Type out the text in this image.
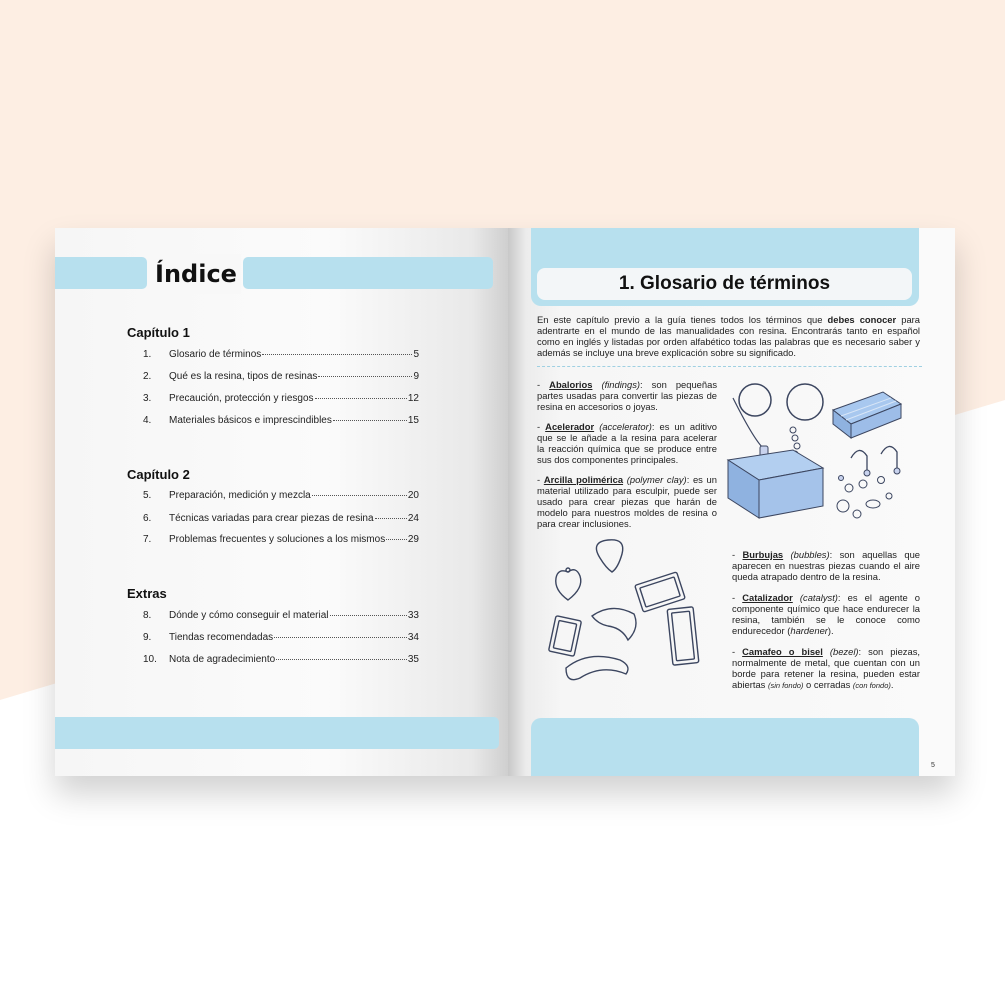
Índice
Capítulo 1
1.	Glosario de términos	5
2.	Qué es la resina, tipos de resinas	9
3.	Precaución, protección y riesgos	12
4.	Materiales básicos e imprescindibles	15
Capítulo 2
5.	Preparación, medición y mezcla	20
6.	Técnicas variadas para crear piezas de resina	24
7.	Problemas frecuentes y soluciones a los mismos 29
Extras
8.	Dónde y cómo conseguir el material	33
9.	Tiendas recomendadas	34
10.	Nota de agradecimiento	35
1. Glosario de términos
En este capítulo previo a la guía tienes todos los términos que debes conocer para adentrarte en el mundo de las manualidades con resina. Encontrarás tanto en español como en inglés y listadas por orden alfabético todas las palabras que es necesario saber y además se incluye una breve explicación sobre su significado.
- Abalorios (findings): son pequeñas partes usadas para convertir las piezas de resina en accesorios o joyas.
- Acelerador (accelerator): es un aditivo que se le añade a la resina para acelerar la reacción química que se produce entre sus dos componentes principales.
- Arcilla polimérica (polymer clay): es un material utilizado para esculpir, puede ser usado para crear piezas que harán de modelo para nuestros moldes de resina o para crear inclusiones.
- Burbujas (bubbles): son aquellas que aparecen en nuestras piezas cuando el aire queda atrapado dentro de la resina.
- Catalizador (catalyst): es el agente o componente químico que hace endurecer la resina, también se le conoce como endurecedor (hardener).
- Camafeo o bisel (bezel): son piezas, normalmente de metal, que cuentan con un borde para retener la resina, pueden estar abiertas (sin fondo) o cerradas (con fondo).
5
